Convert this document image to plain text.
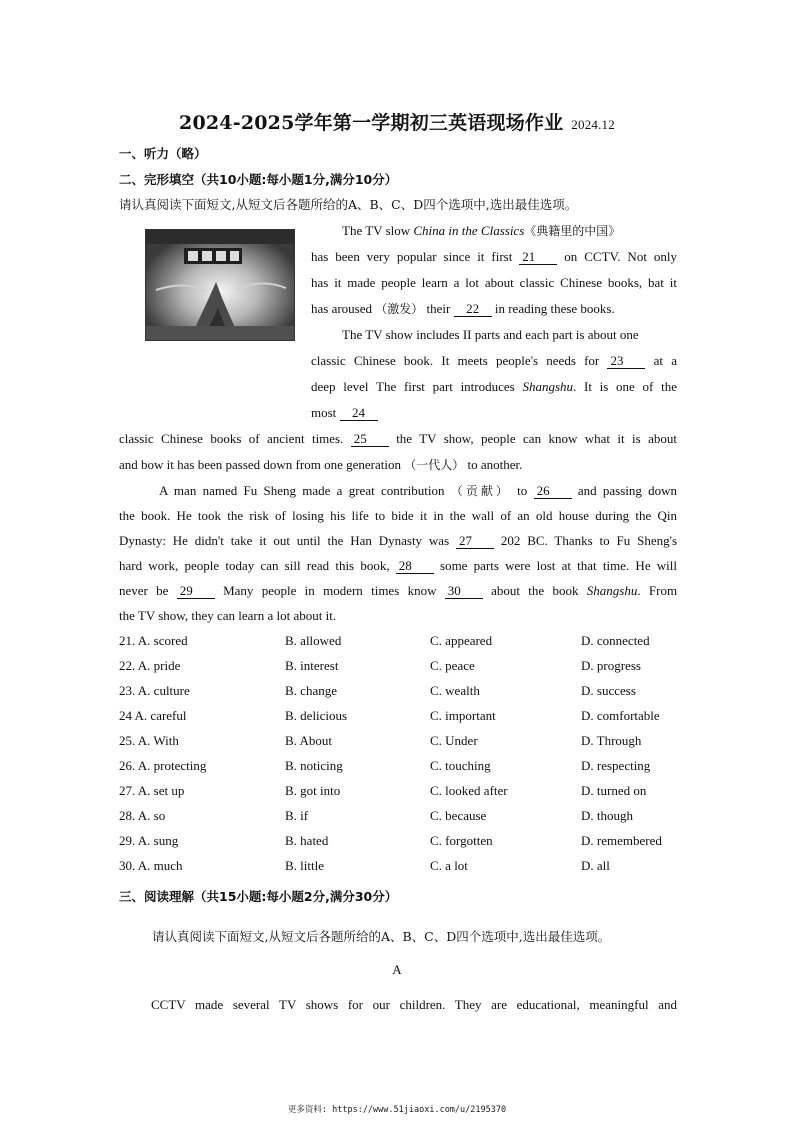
2024-2025学年第一学期初三英语现场作业 2024.12
一、听力（略）
二、完形填空（共10小题:每小题1分,满分10分）
请认真阅读下面短文,从短文后各题所给的A、B、C、D四个选项中,选出最佳选项。
The TV slow China in the Classics《典籍里的中国》
has been very popular since it first 21 on CCTV. Not only
has it made people learn a lot about classic Chinese books, bat it
has aroused （激发） their 22 in reading these books.
The TV show includes II parts and each part is about one
classic Chinese book. It meets people's needs for 23 at a
deep level The first part introduces Shangshu. It is one of the
most 24
classic Chinese books of ancient times. 25 the TV show, people can know what it is about
and bow it has been passed down from one generation （一代人） to another.
A man named Fu Sheng made a great contribution （贡献） to 26 and passing down
the book. He took the risk of losing his life to bide it in the wall of an old house during the Qin
Dynasty: He didn't take it out until the Han Dynasty was 27 202 BC. Thanks to Fu Sheng's
hard work, people today can sill read this book, 28 some parts were lost at that time. He will
never be 29 Many people in modern times know 30 about the book Shangshu. From
the TV show, they can learn a lot about it.
21. A. scored	B. allowed	C. appeared	D. connected
22. A. pride	B. interest	C. peace	D. progress
23. A. culture	B. change	C. wealth	D. success
24 A. careful	B. delicious	C. important	D. comfortable
25. A. With	B. About	C. Under	D. Through
26. A. protecting	B. noticing	C. touching	D. respecting
27. A. set up	B. got into	C. looked after	D. turned on
28. A. so	B. if	C. because	D. though
29. A. sung	B. hated	C. forgotten	D. remembered
30. A. much	B. little	C. a lot	D. all
三、阅读理解（共15小题:每小题2分,满分30分）
请认真阅读下面短文,从短文后各题所给的A、B、C、D四个选项中,选出最佳选项。
A
CCTV made several TV shows for our children. They are educational, meaningful and
更多资料: https://www.51jiaoxi.com/u/2195370
